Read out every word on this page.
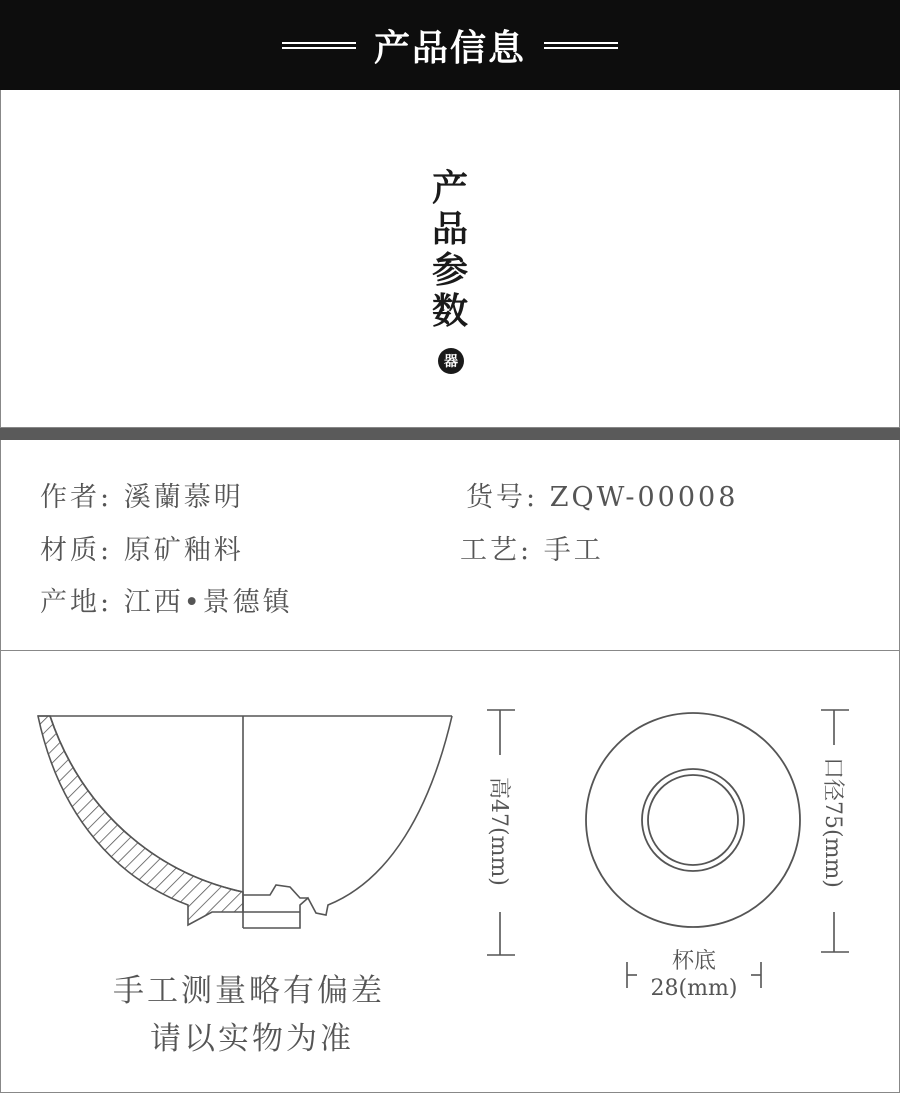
产品信息
产
品
参
数
器
作者: 溪蘭慕明	货号: ZQW-00008
材质: 原矿釉料	工艺: 手工
产地: 江西•景德镇
高47(mm)	口径75(mm)
杯底
28(mm)
手工测量略有偏差
请以实物为准
